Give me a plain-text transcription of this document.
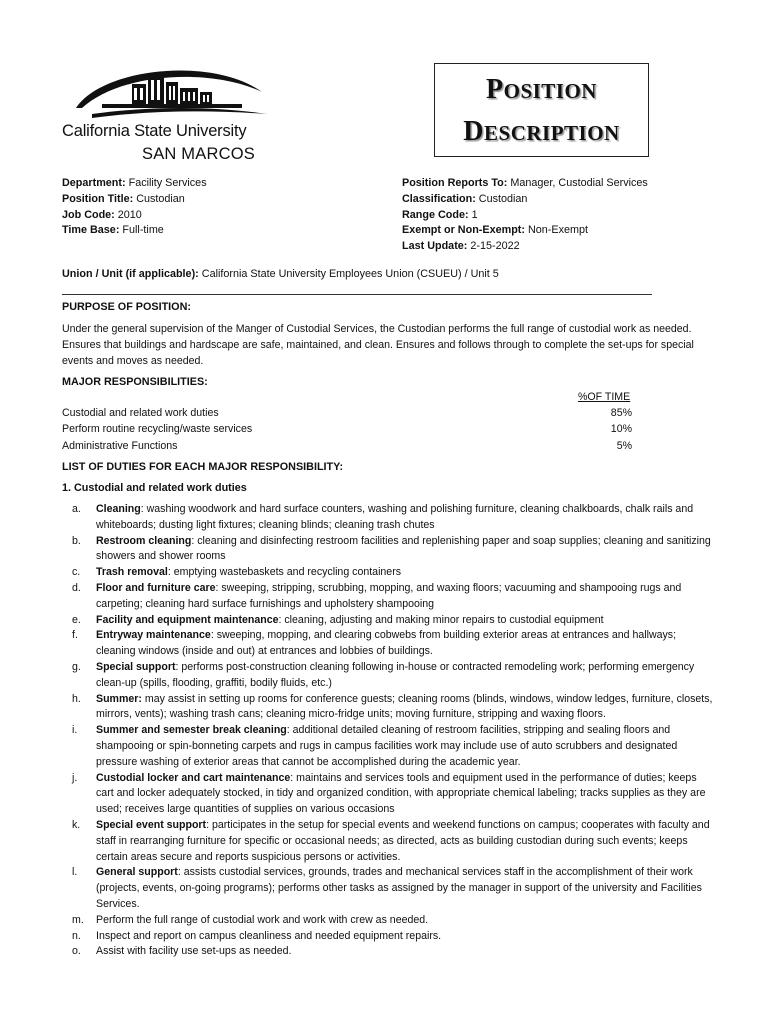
California State University
SAN MARCOS
POSITION
DESCRIPTION
Department: Facility Services
Position Title: Custodian
Job Code: 2010
Time Base: Full-time
Position Reports To: Manager, Custodial Services
Classification: Custodian
Range Code: 1
Exempt or Non-Exempt: Non-Exempt
Last Update: 2-15-2022
Union / Unit (if applicable): California State University Employees Union (CSUEU) / Unit 5
PURPOSE OF POSITION:
Under the general supervision of the Manger of Custodial Services, the Custodian performs the full range of custodial work as needed. Ensures that buildings and hardscape are safe, maintained, and clean. Ensures and follows through to complete the set-ups for special events and moves as needed.
MAJOR RESPONSIBILITIES:
%OF TIME
Custodial and related work duties	85%
Perform routine recycling/waste services	10%
Administrative Functions	5%
LIST OF DUTIES FOR EACH MAJOR RESPONSIBILITY:
1. Custodial and related work duties
a. Cleaning: washing woodwork and hard surface counters, washing and polishing furniture, cleaning chalkboards, chalk rails and whiteboards; dusting light fixtures; cleaning blinds; cleaning trash chutes
b. Restroom cleaning: cleaning and disinfecting restroom facilities and replenishing paper and soap supplies; cleaning and sanitizing showers and shower rooms
c. Trash removal: emptying wastebaskets and recycling containers
d. Floor and furniture care: sweeping, stripping, scrubbing, mopping, and waxing floors; vacuuming and shampooing rugs and carpeting; cleaning hard surface furnishings and upholstery shampooing
e. Facility and equipment maintenance: cleaning, adjusting and making minor repairs to custodial equipment
f. Entryway maintenance: sweeping, mopping, and clearing cobwebs from building exterior areas at entrances and hallways; cleaning windows (inside and out) at entrances and lobbies of buildings.
g. Special support: performs post-construction cleaning following in-house or contracted remodeling work; performing emergency clean-up (spills, flooding, graffiti, bodily fluids, etc.)
h. Summer: may assist in setting up rooms for conference guests; cleaning rooms (blinds, windows, window ledges, furniture, closets, mirrors, vents); washing trash cans; cleaning micro-fridge units; moving furniture, stripping and waxing floors.
i. Summer and semester break cleaning: additional detailed cleaning of restroom facilities, stripping and sealing floors and shampooing or spin-bonneting carpets and rugs in campus facilities work may include use of auto scrubbers and designated pressure washing of exterior areas that cannot be accomplished during the academic year.
j. Custodial locker and cart maintenance: maintains and services tools and equipment used in the performance of duties; keeps cart and locker adequately stocked, in tidy and organized condition, with appropriate chemical labeling; tracks supplies as they are used; receives large quantities of supplies on various occasions
k. Special event support: participates in the setup for special events and weekend functions on campus; cooperates with faculty and staff in rearranging furniture for specific or occasional needs; as directed, acts as building custodian during such events; keeps certain areas secure and reports suspicious persons or activities.
l. General support: assists custodial services, grounds, trades and mechanical services staff in the accomplishment of their work (projects, events, on-going programs); performs other tasks as assigned by the manager in support of the university and Facilities Services.
m. Perform the full range of custodial work and work with crew as needed.
n. Inspect and report on campus cleanliness and needed equipment repairs.
o. Assist with facility use set-ups as needed.
